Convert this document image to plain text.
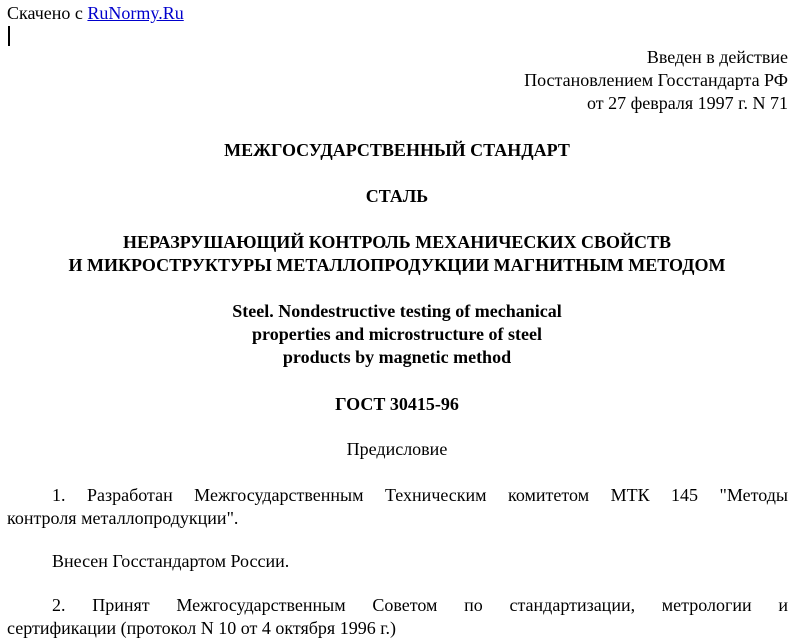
Скачено с RuNormy.Ru
Введен в действие
Постановлением Госстандарта РФ
от 27 февраля 1997 г. N 71
МЕЖГОСУДАРСТВЕННЫЙ СТАНДАРТ
СТАЛЬ
НЕРАЗРУШАЮЩИЙ КОНТРОЛЬ МЕХАНИЧЕСКИХ СВОЙСТВ
И МИКРОСТРУКТУРЫ МЕТАЛЛОПРОДУКЦИИ МАГНИТНЫМ МЕТОДОМ
Steel. Nondestructive testing of mechanical
properties and microstructure of steel
products by magnetic method
ГОСТ 30415-96
Предисловие
1. Разработан Межгосударственным Техническим комитетом МТК 145 "Методы
контроля металлопродукции".
Внесен Госстандартом России.
2. Принят Межгосударственным Советом по стандартизации, метрологии и
сертификации (протокол N 10 от 4 октября 1996 г.)
